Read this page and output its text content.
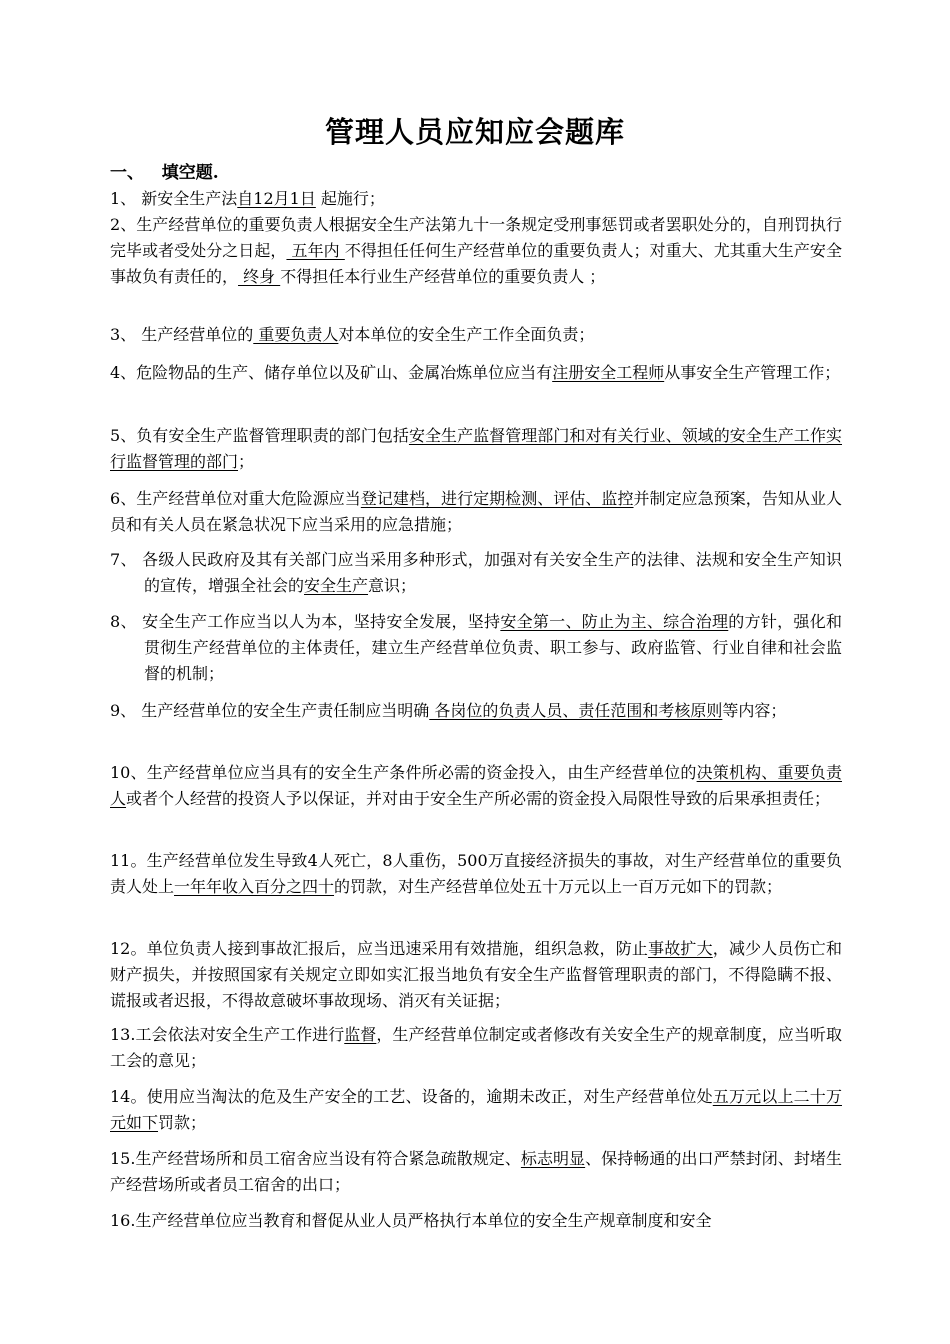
管理人员应知应会题库
一、   填空题.

1、 新安全生产法自12月1日 起施行；

2、生产经营单位的重要负责人根据安全生产法第九十一条规定受刑事惩罚或者罢职处分的，自刑罚执行完毕或者受处分之日起， 五年内 不得担任任何生产经营单位的重要负责人；对重大、尤其重大生产安全事故负有责任的， 终身 不得担任本行业生产经营单位的重要负责人 ；

3、 生产经营单位的 重要负责人对本单位的安全生产工作全面负责；

4、危险物品的生产、储存单位以及矿山、金属冶炼单位应当有注册安全工程师从事安全生产管理工作；

5、负有安全生产监督管理职责的部门包括安全生产监督管理部门和对有关行业、领域的安全生产工作实行监督管理的部门；

6、生产经营单位对重大危险源应当登记建档，进行定期检测、评估、监控并制定应急预案，告知从业人员和有关人员在紧急状况下应当采用的应急措施；

7、 各级人民政府及其有关部门应当采用多种形式，加强对有关安全生产的法律、法规和安全生产知识的宣传，增强全社会的安全生产意识；

8、 安全生产工作应当以人为本，坚持安全发展，坚持安全第一、防止为主、综合治理的方针，强化和贯彻生产经营单位的主体责任，建立生产经营单位负责、职工参与、政府监管、行业自律和社会监督的机制；

9、 生产经营单位的安全生产责任制应当明确 各岗位的负责人员、责任范围和考核原则等内容；

10、生产经营单位应当具有的安全生产条件所必需的资金投入，由生产经营单位的决策机构、重要负责人或者个人经营的投资人予以保证，并对由于安全生产所必需的资金投入局限性导致的后果承担责任；

11。生产经营单位发生导致4人死亡，8人重伤，500万直接经济损失的事故，对生产经营单位的重要负责人处上一年年收入百分之四十的罚款，对生产经营单位处五十万元以上一百万元如下的罚款；

12。单位负责人接到事故汇报后，应当迅速采用有效措施，组织急救，防止事故扩大，减少人员伤亡和财产损失，并按照国家有关规定立即如实汇报当地负有安全生产监督管理职责的部门，不得隐瞒不报、谎报或者迟报，不得故意破坏事故现场、消灭有关证据；

13.工会依法对安全生产工作进行监督，生产经营单位制定或者修改有关安全生产的规章制度，应当听取工会的意见；

14。使用应当淘汰的危及生产安全的工艺、设备的，逾期未改正，对生产经营单位处五万元以上二十万元如下罚款；

15.生产经营场所和员工宿舍应当设有符合紧急疏散规定、标志明显、保持畅通的出口严禁封闭、封堵生产经营场所或者员工宿舍的出口；

16.生产经营单位应当教育和督促从业人员严格执行本单位的安全生产规章制度和安全
